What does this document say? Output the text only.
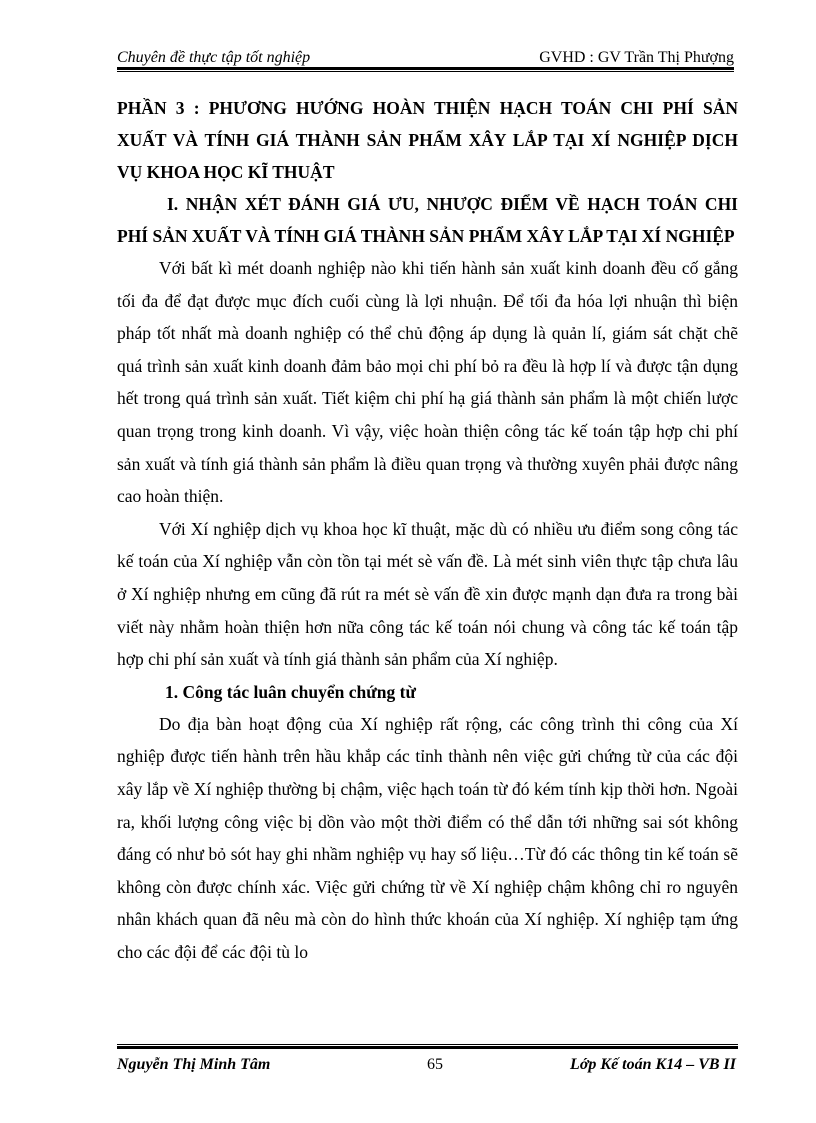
Chuyên đề thực tập tốt nghiệp	GVHD : GV Trần Thị Phượng

PHẦN 3 : PHƯƠNG HƯỚNG HOÀN THIỆN HẠCH TOÁN CHI PHÍ SẢN XUẤT VÀ TÍNH GIÁ THÀNH SẢN PHẨM XÂY LẮP TẠI XÍ NGHIỆP DỊCH VỤ KHOA HỌC KĨ THUẬT

I. NHẬN XÉT ĐÁNH GIÁ ƯU, NHƯỢC ĐIỂM VỀ HẠCH TOÁN CHI PHÍ SẢN XUẤT VÀ TÍNH GIÁ THÀNH SẢN PHẨM XÂY LẮP TẠI XÍ NGHIỆP

Với bất kì mét doanh nghiệp nào khi tiến hành sản xuất kinh doanh đều cố gắng tối đa để đạt được mục đích cuối cùng là lợi nhuận. Để tối đa hóa lợi nhuận thì biện pháp tốt nhất mà doanh nghiệp có thể chủ động áp dụng là quản lí, giám sát chặt chẽ quá trình sản xuất kinh doanh đảm bảo mọi chi phí bỏ ra đều là hợp lí và được tận dụng hết trong quá trình sản xuất. Tiết kiệm chi phí hạ giá thành sản phẩm là một chiến lược quan trọng trong kinh doanh. Vì vậy, việc hoàn thiện công tác kế toán tập hợp chi phí sản xuất và tính giá thành sản phẩm là điều quan trọng và thường xuyên phải được nâng cao hoàn thiện.

Với Xí nghiệp dịch vụ khoa học kĩ thuật, mặc dù có nhiều ưu điểm song công tác kế toán của Xí nghiệp vẫn còn tồn tại mét sè vấn đề. Là mét sinh viên thực tập chưa lâu ở Xí nghiệp nhưng em cũng đã rút ra mét sè vấn đề xin được mạnh dạn đưa ra trong bài viết này nhằm hoàn thiện hơn nữa công tác kế toán nói chung và công tác kế toán tập hợp chi phí sản xuất và tính giá thành sản phẩm của Xí nghiệp.

1. Công tác luân chuyển chứng từ

Do địa bàn hoạt động của Xí nghiệp rất rộng, các công trình thi công của Xí nghiệp được tiến hành trên hầu khắp các tỉnh thành nên việc gửi chứng từ của các đội xây lắp về Xí nghiệp thường bị chậm, việc hạch toán từ đó kém tính kịp thời hơn. Ngoài ra, khối lượng công việc bị dồn vào một thời điểm có thể dẫn tới những sai sót không đáng có như bỏ sót hay ghi nhầm nghiệp vụ hay số liệu…Từ đó các thông tin kế toán sẽ không còn được chính xác. Việc gửi chứng từ về Xí nghiệp chậm không chỉ ro nguyên nhân khách quan đã nêu mà còn do hình thức khoán của Xí nghiệp. Xí nghiệp tạm ứng cho các đội để các đội tù lo

Nguyễn Thị Minh Tâm	65	Lớp Kế toán K14 – VB II
